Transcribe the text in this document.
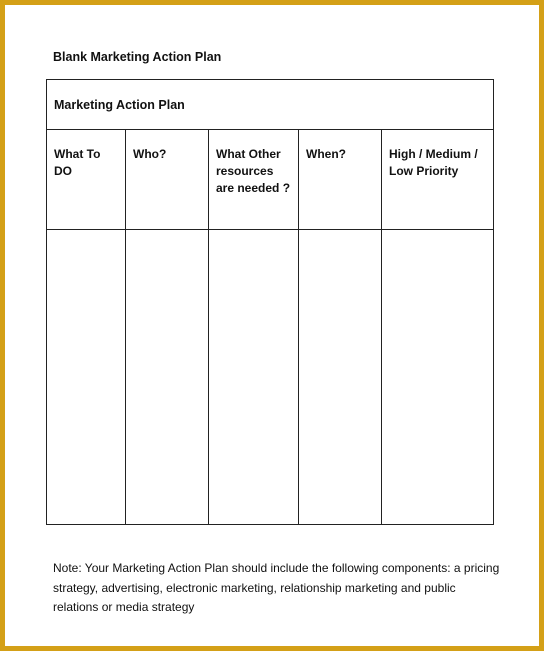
Blank Marketing Action Plan
Marketing Action Plan				
What To DO	Who?	What Other resources are needed ?	When?	High / Medium / Low Priority

Note: Your Marketing Action Plan should include the following components: a pricing strategy, advertising, electronic marketing, relationship marketing and public relations or media strategy
